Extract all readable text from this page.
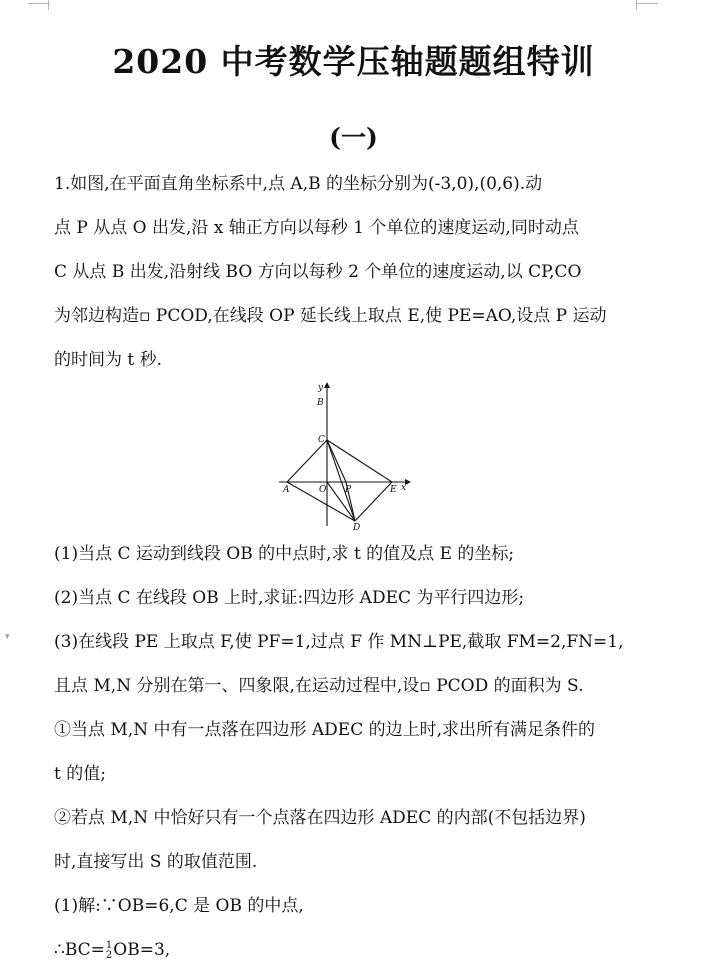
▾
2020 中考数学压轴题题组特训
(一)
1.如图,在平面直角坐标系中,点 A,B 的坐标分别为(-3,0),(0,6).动
点 P 从点 O 出发,沿 x 轴正方向以每秒 1 个单位的速度运动,同时动点
C 从点 B 出发,沿射线 BO 方向以每秒 2 个单位的速度运动,以 CP,CO
为邻边构造▫ PCOD,在线段 OP 延长线上取点 E,使 PE=AO,设点 P 运动
的时间为 t 秒.
y
B
C
A	O P	E x
D
(1)当点 C 运动到线段 OB 的中点时,求 t 的值及点 E 的坐标;
(2)当点 C 在线段 OB 上时,求证:四边形 ADEC 为平行四边形;
(3)在线段 PE 上取点 F,使 PF=1,过点 F 作 MN⊥PE,截取 FM=2,FN=1,
且点 M,N 分别在第一、四象限,在运动过程中,设▫ PCOD 的面积为 S.
①当点 M,N 中有一点落在四边形 ADEC 的边上时,求出所有满足条件的
t 的值;
②若点 M,N 中恰好只有一个点落在四边形 ADEC 的内部(不包括边界)
时,直接写出 S 的取值范围.
(1)解:∵OB=6,C 是 OB 的中点,
∴BC= 1
2 OB=3,
